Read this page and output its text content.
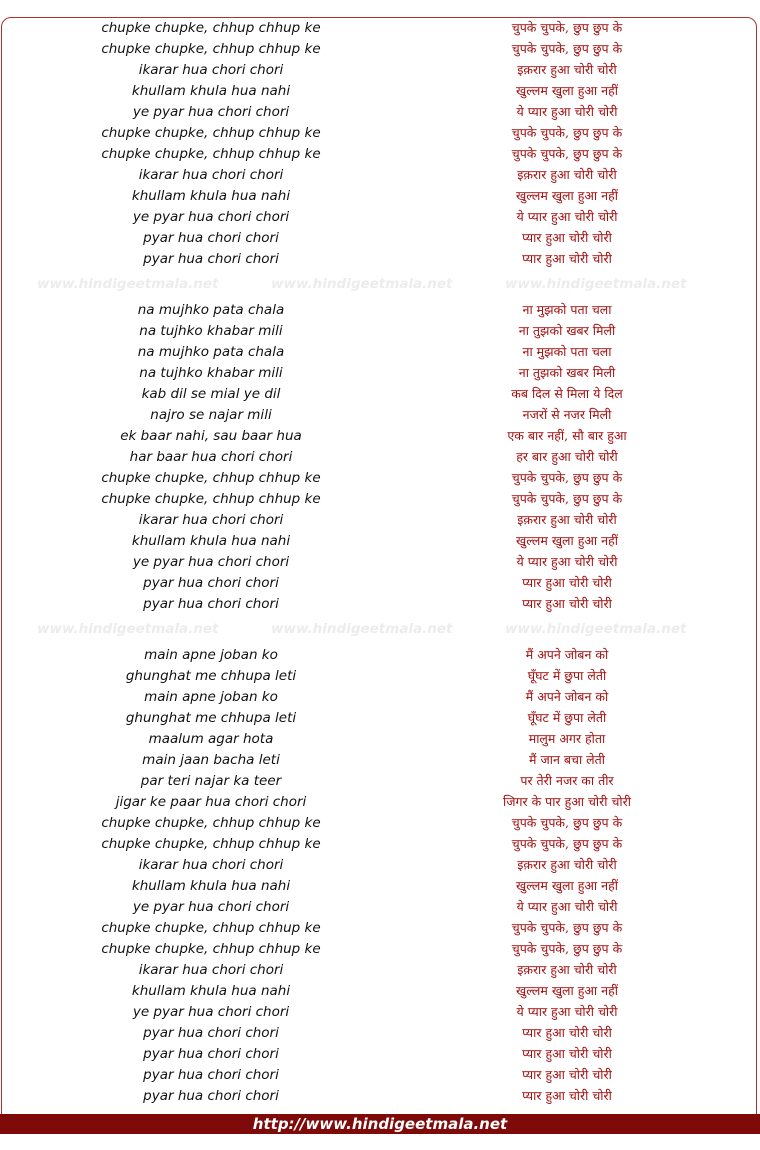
chupke chupke, chhup chhup ke	चुपके चुपके, छुप छुप के
chupke chupke, chhup chhup ke	चुपके चुपके, छुप छुप के
ikarar hua chori chori	इक़रार हुआ चोरी चोरी
khullam khula hua nahi	खुल्लम खुला हुआ नहीं
ye pyar hua chori chori	ये प्यार हुआ चोरी चोरी
chupke chupke, chhup chhup ke	चुपके चुपके, छुप छुप के
chupke chupke, chhup chhup ke	चुपके चुपके, छुप छुप के
ikarar hua chori chori	इक़रार हुआ चोरी चोरी
khullam khula hua nahi	खुल्लम खुला हुआ नहीं
ye pyar hua chori chori	ये प्यार हुआ चोरी चोरी
pyar hua chori chori	प्यार हुआ चोरी चोरी
pyar hua chori chori	प्यार हुआ चोरी चोरी
www.hindigeetmala.net	www.hindigeetmala.net	www.hindigeetmala.net
na mujhko pata chala	ना मुझको पता चला
na tujhko khabar mili	ना तुझको खबर मिली
na mujhko pata chala	ना मुझको पता चला
na tujhko khabar mili	ना तुझको खबर मिली
kab dil se mial ye dil	कब दिल से मिला ये दिल
najro se najar mili	नजरों से नजर मिली
ek baar nahi, sau baar hua	एक बार नहीं, सौ बार हुआ
har baar hua chori chori	हर बार हुआ चोरी चोरी
chupke chupke, chhup chhup ke	चुपके चुपके, छुप छुप के
chupke chupke, chhup chhup ke	चुपके चुपके, छुप छुप के
ikarar hua chori chori	इक़रार हुआ चोरी चोरी
khullam khula hua nahi	खुल्लम खुला हुआ नहीं
ye pyar hua chori chori	ये प्यार हुआ चोरी चोरी
pyar hua chori chori	प्यार हुआ चोरी चोरी
pyar hua chori chori	प्यार हुआ चोरी चोरी
www.hindigeetmala.net	www.hindigeetmala.net	www.hindigeetmala.net
main apne joban ko	मैं अपने जोबन को
ghunghat me chhupa leti	घूँघट में छुपा लेती
main apne joban ko	मैं अपने जोबन को
ghunghat me chhupa leti	घूँघट में छुपा लेती
maalum agar hota	मालुम अगर होता
main jaan bacha leti	मैं जान बचा लेती
par teri najar ka teer	पर तेरी नजर का तीर
jigar ke paar hua chori chori	जिगर के पार हुआ चोरी चोरी
chupke chupke, chhup chhup ke	चुपके चुपके, छुप छुप के
chupke chupke, chhup chhup ke	चुपके चुपके, छुप छुप के
ikarar hua chori chori	इक़रार हुआ चोरी चोरी
khullam khula hua nahi	खुल्लम खुला हुआ नहीं
ye pyar hua chori chori	ये प्यार हुआ चोरी चोरी
chupke chupke, chhup chhup ke	चुपके चुपके, छुप छुप के
chupke chupke, chhup chhup ke	चुपके चुपके, छुप छुप के
ikarar hua chori chori	इक़रार हुआ चोरी चोरी
khullam khula hua nahi	खुल्लम खुला हुआ नहीं
ye pyar hua chori chori	ये प्यार हुआ चोरी चोरी
pyar hua chori chori	प्यार हुआ चोरी चोरी
pyar hua chori chori	प्यार हुआ चोरी चोरी
pyar hua chori chori	प्यार हुआ चोरी चोरी
pyar hua chori chori	प्यार हुआ चोरी चोरी
http://www.hindigeetmala.net
